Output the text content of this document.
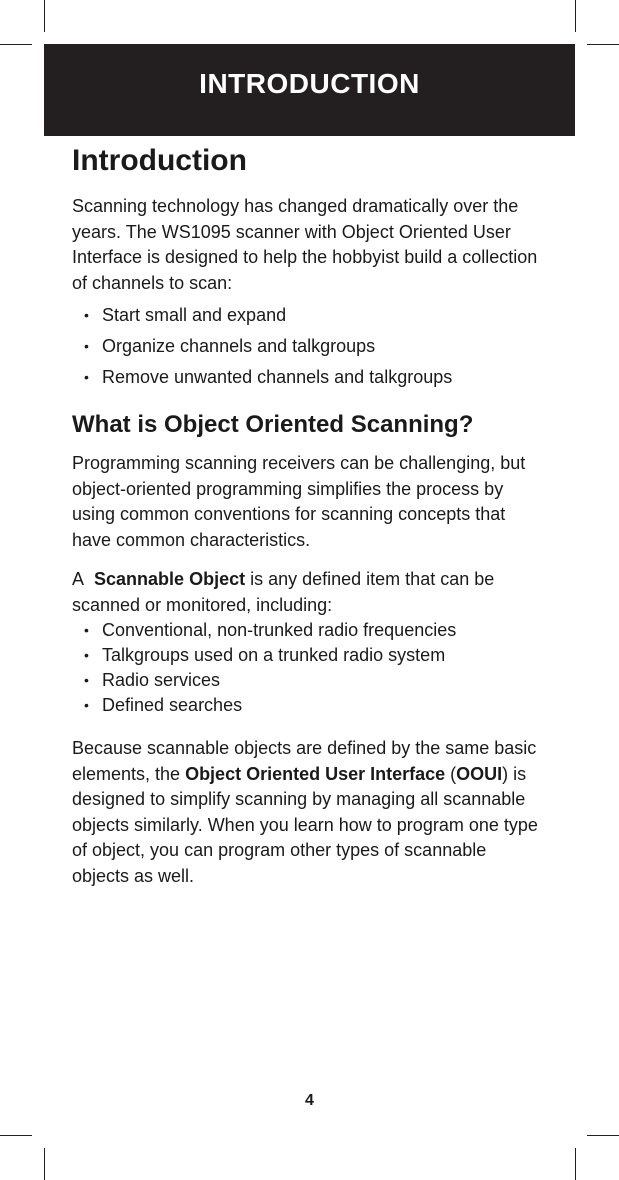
INTRODUCTION
Introduction

Scanning technology has changed dramatically over the years. The WS1095 scanner with Object Oriented User Interface is designed to help the hobbyist build a collection of channels to scan:

• Start small and expand
• Organize channels and talkgroups
• Remove unwanted channels and talkgroups
What is Object Oriented Scanning?

Programming scanning receivers can be challenging, but object-oriented programming simplifies the process by using common conventions for scanning concepts that have common characteristics.

A Scannable Object is any defined item that can be scanned or monitored, including:

• Conventional, non-trunked radio frequencies
• Talkgroups used on a trunked radio system
• Radio services
• Defined searches

Because scannable objects are defined by the same basic elements, the Object Oriented User Interface (OOUI) is designed to simplify scanning by managing all scannable objects similarly. When you learn how to program one type of object, you can program other types of scannable objects as well.

4
